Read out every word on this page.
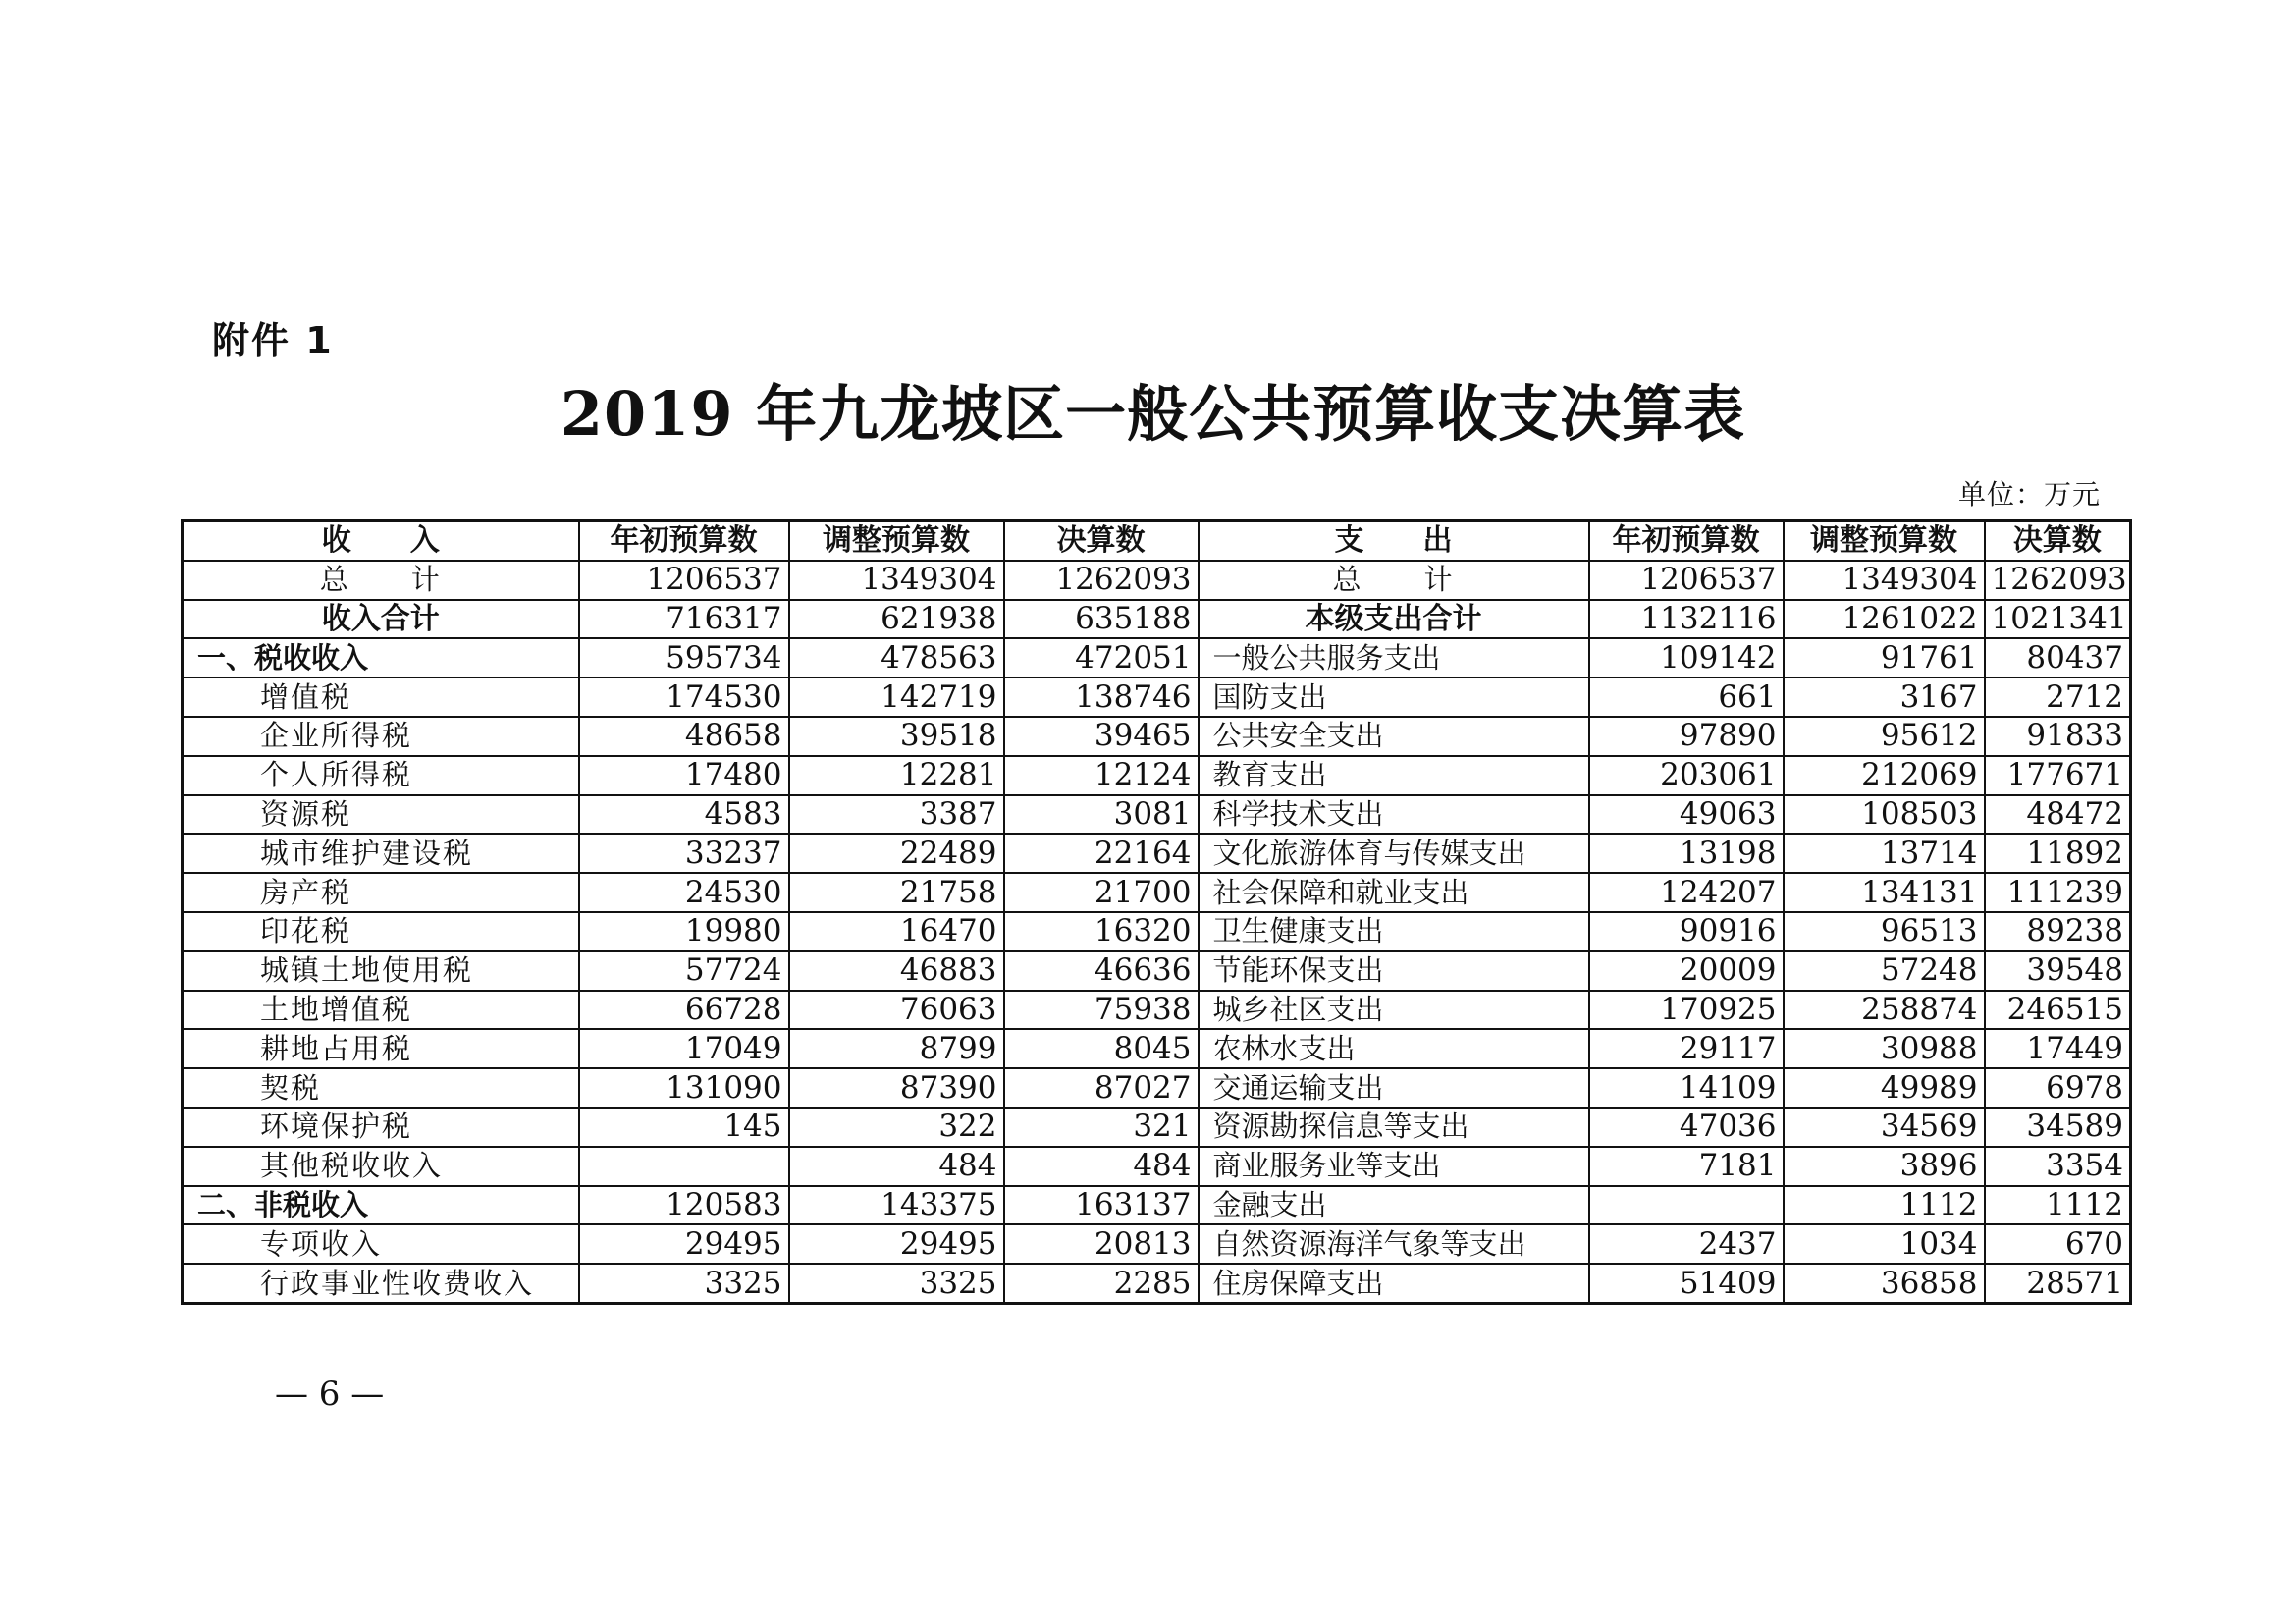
附件 1
2019 年九龙坡区一般公共预算收支决算表
单位：万元
收　　入	年初预算数	调整预算数	决算数	支　　出	年初预算数	调整预算数	决算数
总　　计	1206537	1349304	1262093	总　　计	1206537	1349304	1262093
收入合计	716317	621938	635188	本级支出合计	1132116	1261022	1021341
一、税收收入	595734	478563	472051	一般公共服务支出	109142	91761	80437
增值税	174530	142719	138746	国防支出	661	3167	2712
企业所得税	48658	39518	39465	公共安全支出	97890	95612	91833
个人所得税	17480	12281	12124	教育支出	203061	212069	177671
资源税	4583	3387	3081	科学技术支出	49063	108503	48472
城市维护建设税	33237	22489	22164	文化旅游体育与传媒支出	13198	13714	11892
房产税	24530	21758	21700	社会保障和就业支出	124207	134131	111239
印花税	19980	16470	16320	卫生健康支出	90916	96513	89238
城镇土地使用税	57724	46883	46636	节能环保支出	20009	57248	39548
土地增值税	66728	76063	75938	城乡社区支出	170925	258874	246515
耕地占用税	17049	8799	8045	农林水支出	29117	30988	17449
契税	131090	87390	87027	交通运输支出	14109	49989	6978
环境保护税	145	322	321	资源勘探信息等支出	47036	34569	34589
其他税收收入		484	484	商业服务业等支出	7181	3896	3354
二、非税收入	120583	143375	163137	金融支出		1112	1112
专项收入	29495	29495	20813	自然资源海洋气象等支出	2437	1034	670
行政事业性收费收入	3325	3325	2285	住房保障支出	51409	36858	28571
— 6 —
